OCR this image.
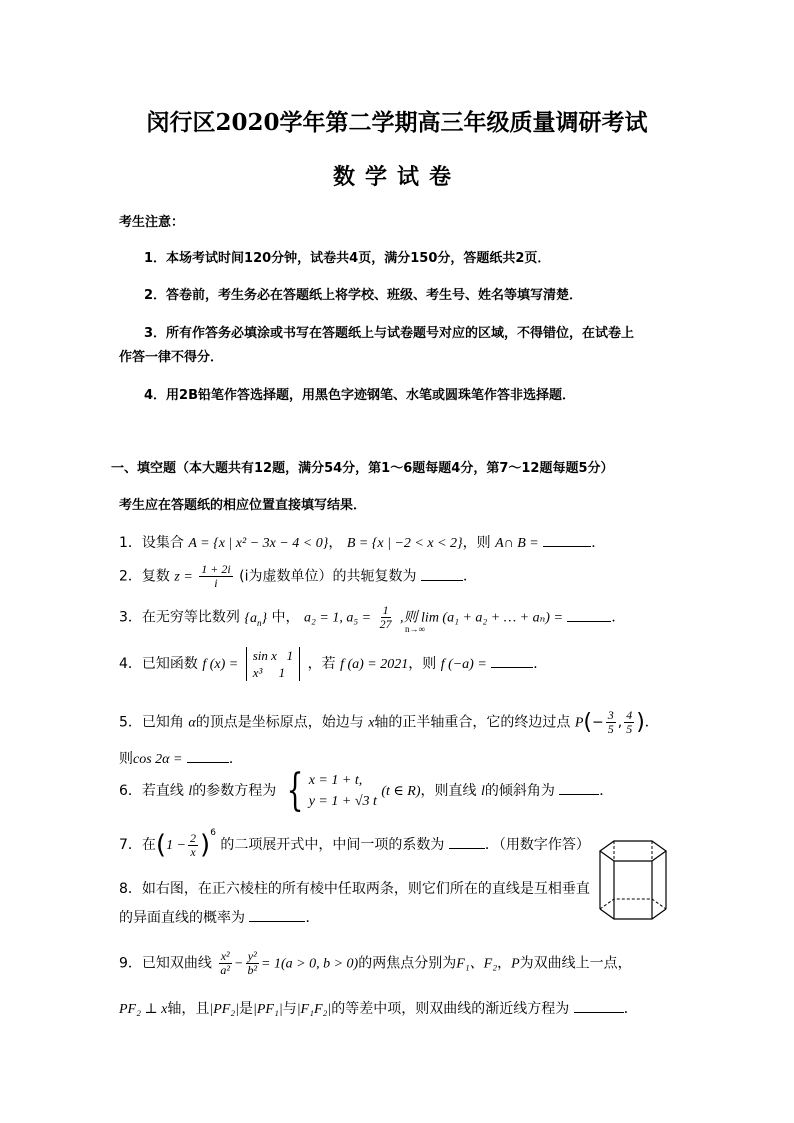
闵行区2020学年第二学期高三年级质量调研考试
数学试卷
考生注意：
1．本场考试时间120分钟，试卷共4页，满分150分，答题纸共2页．
2．答卷前，考生务必在答题纸上将学校、班级、考生号、姓名等填写清楚．
3．所有作答务必填涂或书写在答题纸上与试卷题号对应的区域，不得错位，在试卷上
作答一律不得分．
4．用2B铅笔作答选择题，用黑色字迹钢笔、水笔或圆珠笔作答非选择题．
一、填空题（本大题共有12题，满分54分，第1～6题每题4分，第7～12题每题5分）
考生应在答题纸的相应位置直接填写结果．
1．设集合 A = {x | x² − 3x − 4 < 0}， B = {x | −2 < x < 2}，则 A∩ B =	．
2．复数 $z = \frac{1 + 2i}{i} (i$为虚数单位）的共轭复数为	．
3．在无穷等比数列 $\{a_n\}$ 中， a₂ = 1, $a_5 = \frac{1}{27}$ ,则 lim (a₁ + a₂ + … + aₙ) =	．
n→∞
4．已知函数 f (x) = sin x 1
x³ 1 ，若 f (a) = 2021，则 f (−a) =	．
5．已知角 α的顶点是坐标原点，始边与 x轴的正半轴重合，它的终边过点 $P(- \frac{3}{5}$ , $\frac{4}{5}$ )．
则cos 2α =	．
6．若直线 l的参数方程为 { x = 1 + t,
y = 1 + √3 t (t ∈ R)，则直线 l的倾斜角为	．
7．在$(1 - \frac{2}{x} )^6$ 的二项展开式中，中间一项的系数为	．（用数字作答）
8．如右图，在正六棱柱的所有棱中任取两条，则它们所在的直线是互相垂直
的异面直线的概率为	．
9．已知双曲线 $\frac{\text{x²}}{\text{a²}} - \frac{\text{y²}}{\text{b²}} = 1(a > 0$, b > 0)的两焦点分别为F₁、F₂，P为双曲线上一点，
PF₂ ⊥ x轴，且|PF₂|是|PF₁|与|F₁F₂|的等差中项，则双曲线的渐近线方程为	．
